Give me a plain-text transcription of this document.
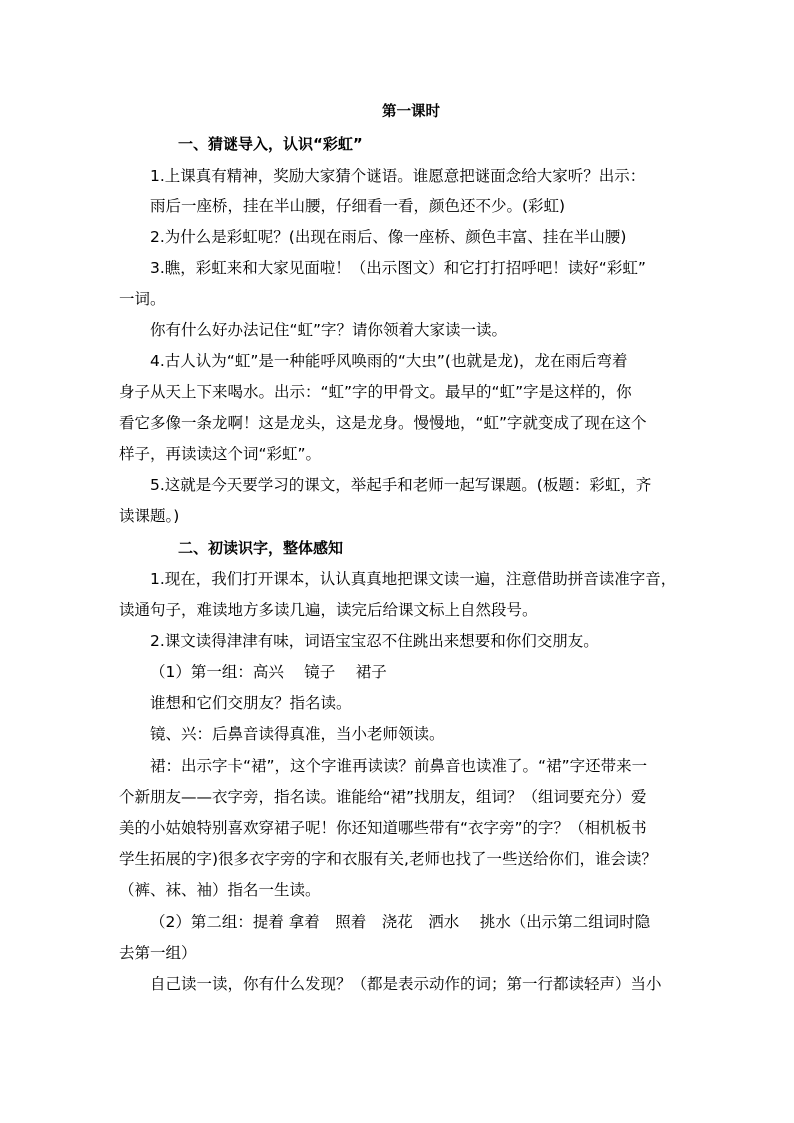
第一课时
一、猜谜导入，认识“彩虹”
1.上课真有精神，奖励大家猜个谜语。谁愿意把谜面念给大家听？出示：
雨后一座桥，挂在半山腰，仔细看一看，颜色还不少。(彩虹)
2.为什么是彩虹呢？(出现在雨后、像一座桥、颜色丰富、挂在半山腰)
3.瞧，彩虹来和大家见面啦！（出示图文）和它打打招呼吧！读好“彩虹”
一词。
你有什么好办法记住“虹”字？请你领着大家读一读。
4.古人认为“虹”是一种能呼风唤雨的“大虫”(也就是龙)，龙在雨后弯着
身子从天上下来喝水。出示：“虹”字的甲骨文。最早的“虹”字是这样的，你
看它多像一条龙啊！这是龙头，这是龙身。慢慢地，“虹”字就变成了现在这个
样子，再读读这个词“彩虹”。
5.这就是今天要学习的课文，举起手和老师一起写课题。(板题：彩虹，齐
读课题。)
二、初读识字，整体感知
1.现在，我们打开课本，认认真真地把课文读一遍，注意借助拼音读准字音，
读通句子，难读地方多读几遍，读完后给课文标上自然段号。
2.课文读得津津有味，词语宝宝忍不住跳出来想要和你们交朋友。
（1）第一组：高兴　 镜子　 裙子
谁想和它们交朋友？指名读。
镜、兴：后鼻音读得真准，当小老师领读。
裙：出示字卡“裙”，这个字谁再读读？前鼻音也读准了。“裙”字还带来一
个新朋友——衣字旁，指名读。谁能给“裙”找朋友，组词？（组词要充分）爱
美的小姑娘特别喜欢穿裙子呢！你还知道哪些带有“衣字旁”的字？（相机板书
学生拓展的字)很多衣字旁的字和衣服有关,老师也找了一些送给你们，谁会读？
（裤、袜、袖）指名一生读。
（2）第二组：提着 拿着　照着　浇花　洒水　 挑水（出示第二组词时隐
去第一组）
自己读一读，你有什么发现？（都是表示动作的词；第一行都读轻声）当小
